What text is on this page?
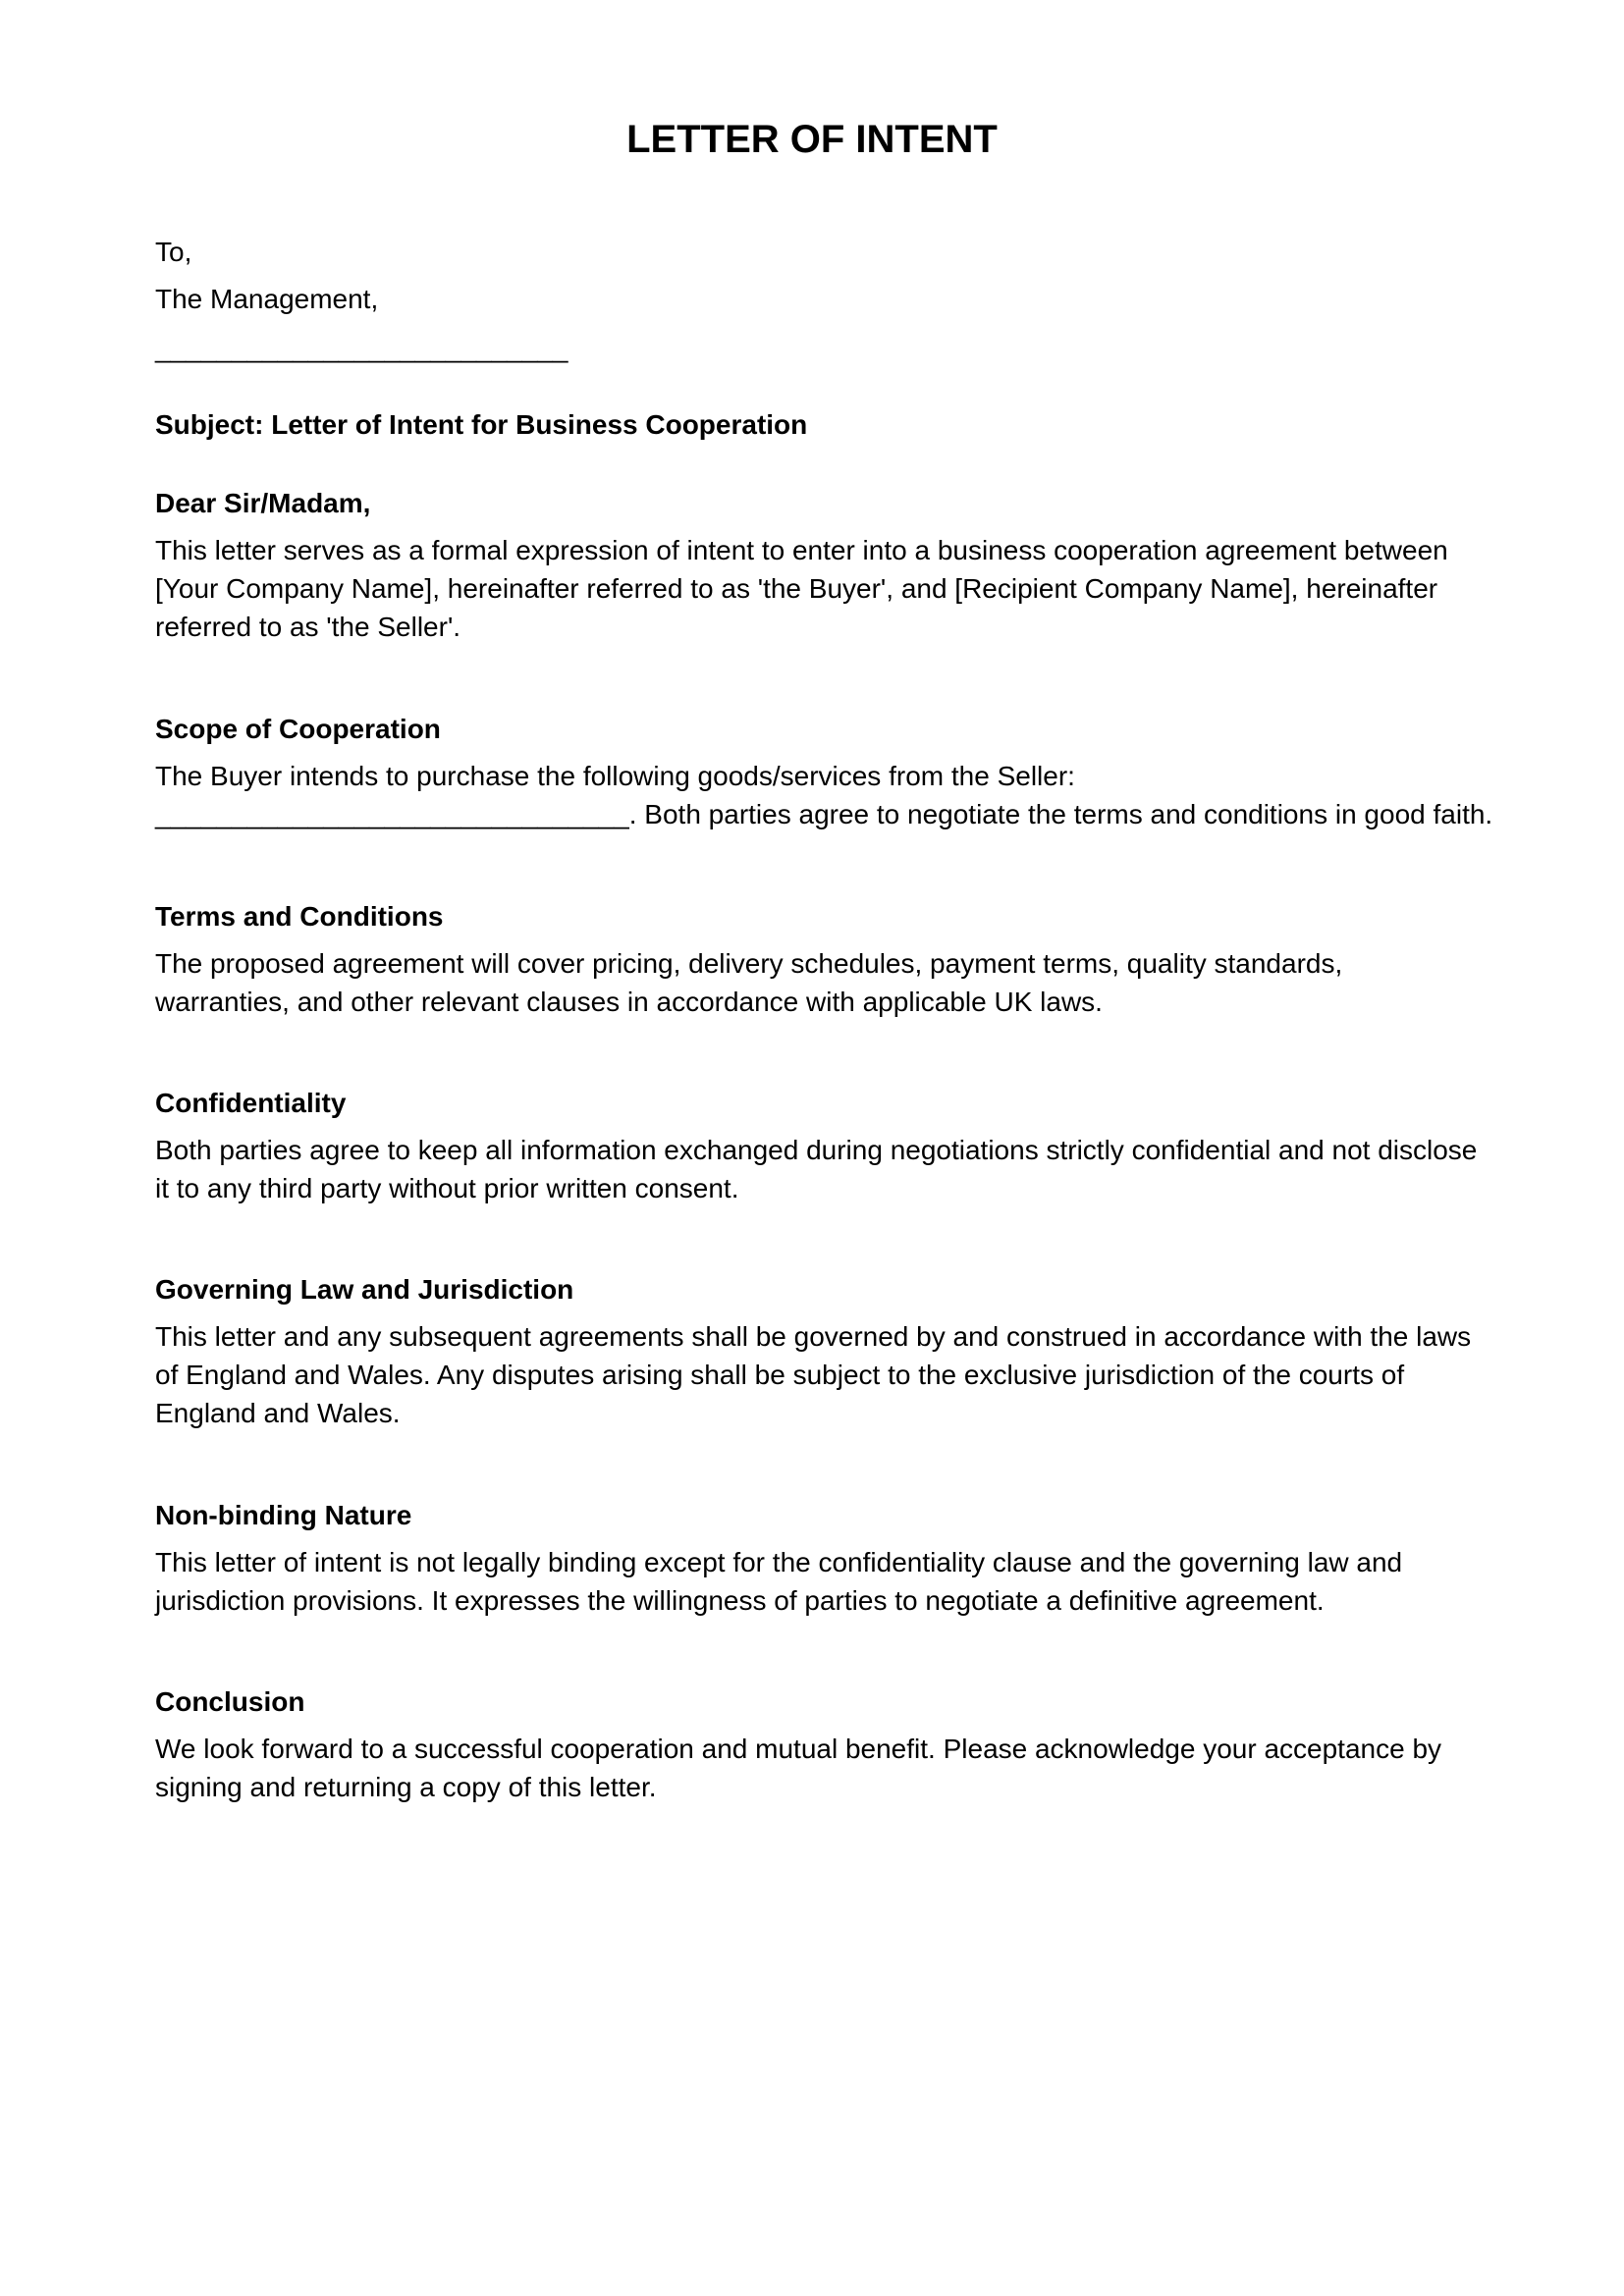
LETTER OF INTENT

To,

The Management,

___________________________

Subject: Letter of Intent for Business Cooperation

Dear Sir/Madam,

This letter serves as a formal expression of intent to enter into a business cooperation agreement between
[Your Company Name], hereinafter referred to as 'the Buyer', and [Recipient Company Name], hereinafter
referred to as 'the Seller'.

Scope of Cooperation

The Buyer intends to purchase the following goods/services from the Seller:
_______________________________. Both parties agree to negotiate the terms and conditions in good faith.

Terms and Conditions

The proposed agreement will cover pricing, delivery schedules, payment terms, quality standards,
warranties, and other relevant clauses in accordance with applicable UK laws.

Confidentiality

Both parties agree to keep all information exchanged during negotiations strictly confidential and not disclose
it to any third party without prior written consent.

Governing Law and Jurisdiction

This letter and any subsequent agreements shall be governed by and construed in accordance with the laws
of England and Wales. Any disputes arising shall be subject to the exclusive jurisdiction of the courts of
England and Wales.

Non-binding Nature

This letter of intent is not legally binding except for the confidentiality clause and the governing law and
jurisdiction provisions. It expresses the willingness of parties to negotiate a definitive agreement.

Conclusion

We look forward to a successful cooperation and mutual benefit. Please acknowledge your acceptance by
signing and returning a copy of this letter.
